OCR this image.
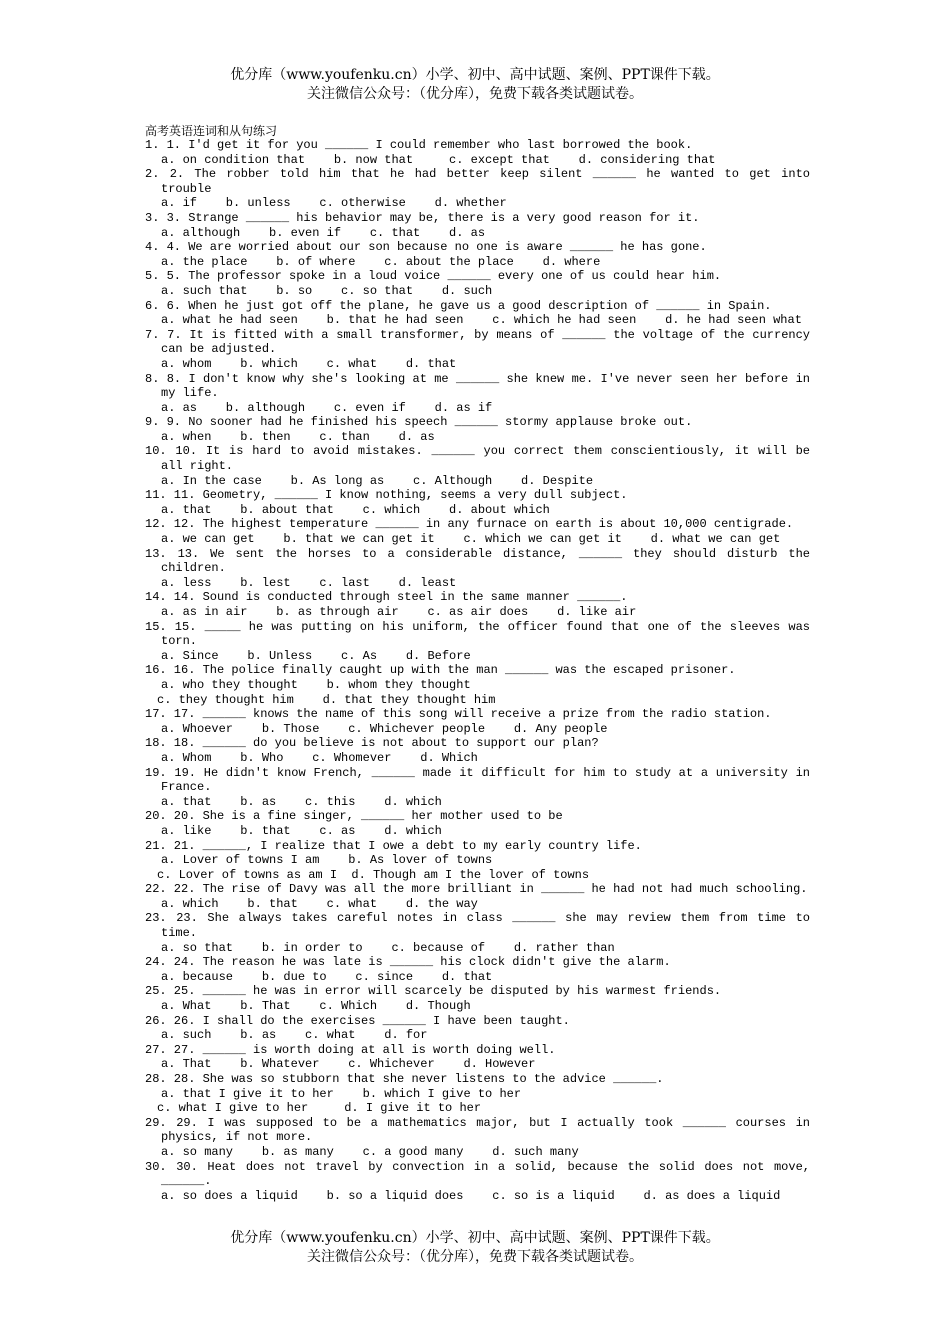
优分库（www.youfenku.cn）小学、初中、高中试题、案例、PPT课件下载。
关注微信公众号：（优分库），免费下载各类试题试卷。
高考英语连词和从句练习
1. 1. I'd get it for you ______ I could remember who last borrowed the book.
a. on condition that    b. now that     c. except that    d. considering that
2. 2. The robber told him that he had better keep silent ______ he wanted to get into trouble
a. if    b. unless    c. otherwise    d. whether
3. 3. Strange ______ his behavior may be, there is a very good reason for it.
a. although    b. even if    c. that    d. as
4. 4. We are worried about our son because no one is aware ______ he has gone.
a. the place    b. of where    c. about the place    d. where
5. 5. The professor spoke in a loud voice ______ every one of us could hear him.
a. such that    b. so    c. so that    d. such
6. 6. When he just got off the plane, he gave us a good description of ______ in Spain.
a. what he had seen    b. that he had seen    c. which he had seen    d. he had seen what
7. 7. It is fitted with a small transformer, by means of ______ the voltage of the currency can be adjusted.
a. whom    b. which    c. what    d. that
8. 8. I don't know why she's looking at me ______ she knew me. I've never seen her before in my life.
a. as    b. although    c. even if    d. as if
9. 9. No sooner had he finished his speech ______ stormy applause broke out.
a. when    b. then    c. than    d. as
10. 10. It is hard to avoid mistakes. ______ you correct them conscientiously, it will be all right.
a. In the case    b. As long as    c. Although    d. Despite
11. 11. Geometry, ______ I know nothing, seems a very dull subject.
a. that    b. about that    c. which    d. about which
12. 12. The highest temperature ______ in any furnace on earth is about 10,000 centigrade.
a. we can get    b. that we can get it    c. which we can get it    d. what we can get
13. 13. We sent the horses to a considerable distance, ______ they should disturb the children.
a. less    b. lest    c. last    d. least
14. 14. Sound is conducted through steel in the same manner ______.
a. as in air    b. as through air    c. as air does    d. like air
15. 15. _____ he was putting on his uniform, the officer found that one of the sleeves was torn.
a. Since    b. Unless    c. As    d. Before
16. 16. The police finally caught up with the man ______ was the escaped prisoner.
a. who they thought    b. whom they thought
c. they thought him    d. that they thought him
17. 17. ______ knows the name of this song will receive a prize from the radio station.
a. Whoever    b. Those    c. Whichever people    d. Any people
18. 18. ______ do you believe is not about to support our plan?
a. Whom    b. Who    c. Whomever    d. Which
19. 19. He didn't know French, ______ made it difficult for him to study at a university in France.
a. that    b. as    c. this    d. which
20. 20. She is a fine singer, ______ her mother used to be
a. like    b. that    c. as    d. which
21. 21. ______, I realize that I owe a debt to my early country life.
a. Lover of towns I am    b. As lover of towns
c. Lover of towns as am I  d. Though am I the lover of towns
22. 22. The rise of Davy was all the more brilliant in ______ he had not had much schooling.
a. which    b. that    c. what    d. the way
23. 23. She always takes careful notes in class ______ she may review them from time to time.
a. so that    b. in order to    c. because of    d. rather than
24. 24. The reason he was late is ______ his clock didn't give the alarm.
a. because    b. due to    c. since    d. that
25. 25. ______ he was in error will scarcely be disputed by his warmest friends.
a. What    b. That    c. Which    d. Though
26. 26. I shall do the exercises ______ I have been taught.
a. such    b. as    c. what    d. for
27. 27. ______ is worth doing at all is worth doing well.
a. That    b. Whatever    c. Whichever    d. However
28. 28. She was so stubborn that she never listens to the advice ______.
a. that I give it to her    b. which I give to her
c. what I give to her     d. I give it to her
29. 29. I was supposed to be a mathematics major, but I actually took ______ courses in physics, if not more.
a. so many    b. as many    c. a good many    d. such many
30. 30. Heat does not travel by convection in a solid, because the solid does not move, ______.
a. so does a liquid    b. so a liquid does    c. so is a liquid    d. as does a liquid
优分库（www.youfenku.cn）小学、初中、高中试题、案例、PPT课件下载。
关注微信公众号：（优分库），免费下载各类试题试卷。
